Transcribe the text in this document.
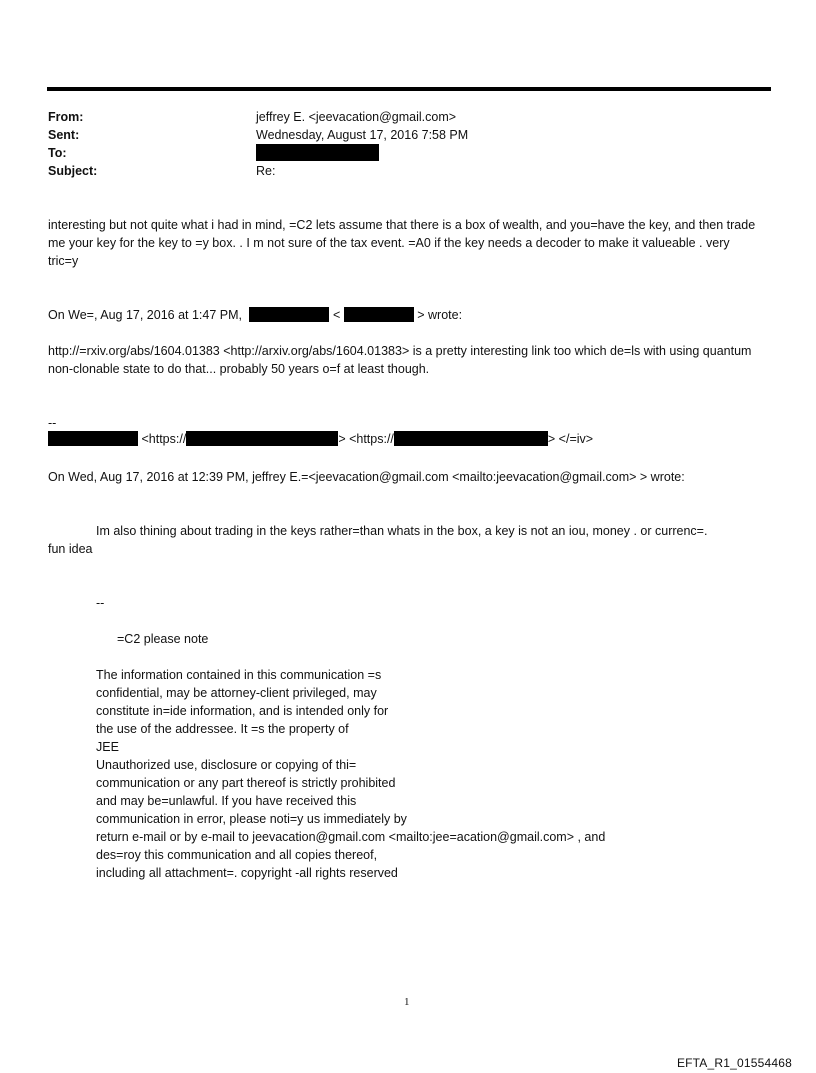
From:	jeffrey E. <jeevacation@gmail.com>
Sent:	Wednesday, August 17, 2016 7:58 PM
To:
Subject:	Re:
interesting but not quite what i had in mind, =C2 lets assume that there is a box of wealth, and you=have the key, and then trade me your key for the key to =y box. . I m not sure of the tax event. =A0 if the key needs a decoder to make it valueable . very tric=y
On We=, Aug 17, 2016 at 1:47 PM,	<	> wrote:
http://=rxiv.org/abs/1604.01383 <http://arxiv.org/abs/1604.01383> is a pretty interesting link too which de=ls with using quantum non-clonable state to do that... probably 50 years o=f at least though.
--
<https://	> <https://	> </=iv>
On Wed, Aug 17, 2016 at 12:39 PM, jeffrey E.=<jeevacation@gmail.com <mailto:jeevacation@gmail.com> > wrote:
Im also thining about trading in the keys rather=than whats in the box, a key is not an iou, money . or currenc=.
fun idea
--
=C2 please note
The information contained in this communication =s
confidential, may be attorney-client privileged, may
constitute in=ide information, and is intended only for
the use of the addressee. It =s the property of
JEE
Unauthorized use, disclosure or copying of thi=
communication or any part thereof is strictly prohibited
and may be=unlawful. If you have received this
communication in error, please noti=y us immediately by
return e-mail or by e-mail to jeevacation@gmail.com <mailto:jee=acation@gmail.com> , and
des=roy this communication and all copies thereof,
including all attachment=. copyright -all rights reserved
1
EFTA_R1_01554468
